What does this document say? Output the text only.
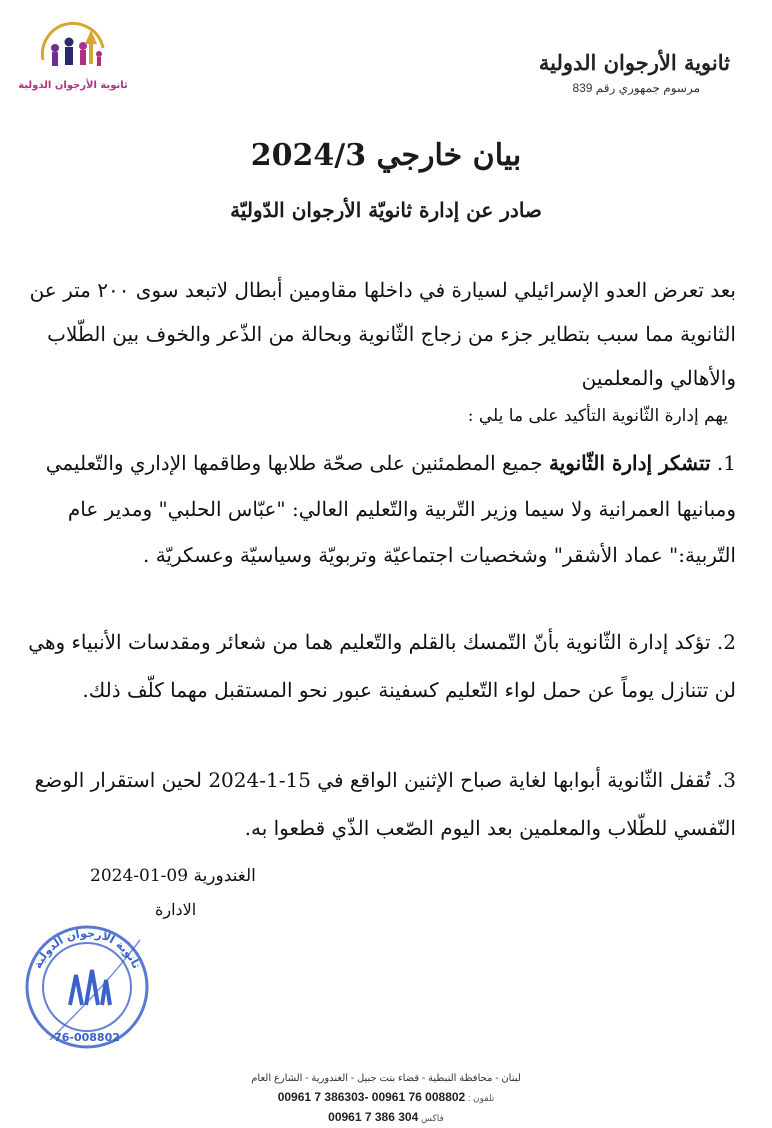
ثانوية الأرجوان الدولية
ثانوية الأرجوان الدولية
مرسوم جمهوري رقم 839
بيان خارجي 2024/3
صادر عن إدارة ثانويّة الأرجوان الدّوليّة
بعد تعرض العدو الإسرائيلي لسيارة في داخلها مقاومين أبطال لاتبعد سوى ٢٠٠ متر عن الثانوية مما سبب بتطاير جزء من زجاج الثّانوية وبحالة من الذّعر والخوف بين الطّلاب والأهالي والمعلمين
يهم إدارة الثّانوية التأكيد على ما يلي :
1. تتشكر إدارة الثّانوية جميع المطمئنين على صحّة طلابها وطاقمها الإداري والتّعليمي ومبانيها العمرانية ولا سيما وزير التّربية والتّعليم العالي: "عبّاس الحلبي" ومدير عام التّربية:" عماد الأشقر" وشخصيات اجتماعيّة وتربويّة وسياسيّة وعسكريّة .
2. تؤكد إدارة الثّانوية بأنّ التّمسك بالقلم والتّعليم هما من شعائر ومقدسات الأنبياء وهي لن تتنازل يوماً عن حمل لواء التّعليم كسفينة عبور نحو المستقبل مهما كلّف ذلك.
3. تُقفل الثّانوية أبوابها لغاية صباح الإثنين الواقع في 15-1-2024 لحين استقرار الوضع النّفسي للطّلاب والمعلمين بعد اليوم الصّعب الذّي قطعوا به.
الغندورية 09-01-2024
الادارة
ثانوية الأرجوان الدولية
76-008802
لبنان - محافظة النبطية - قضاء بنت جبيل - الغندورية - الشارع العام
00961 7 386303- 00961 76 008802 تلفون :
00961 7 386 304 فاكس
